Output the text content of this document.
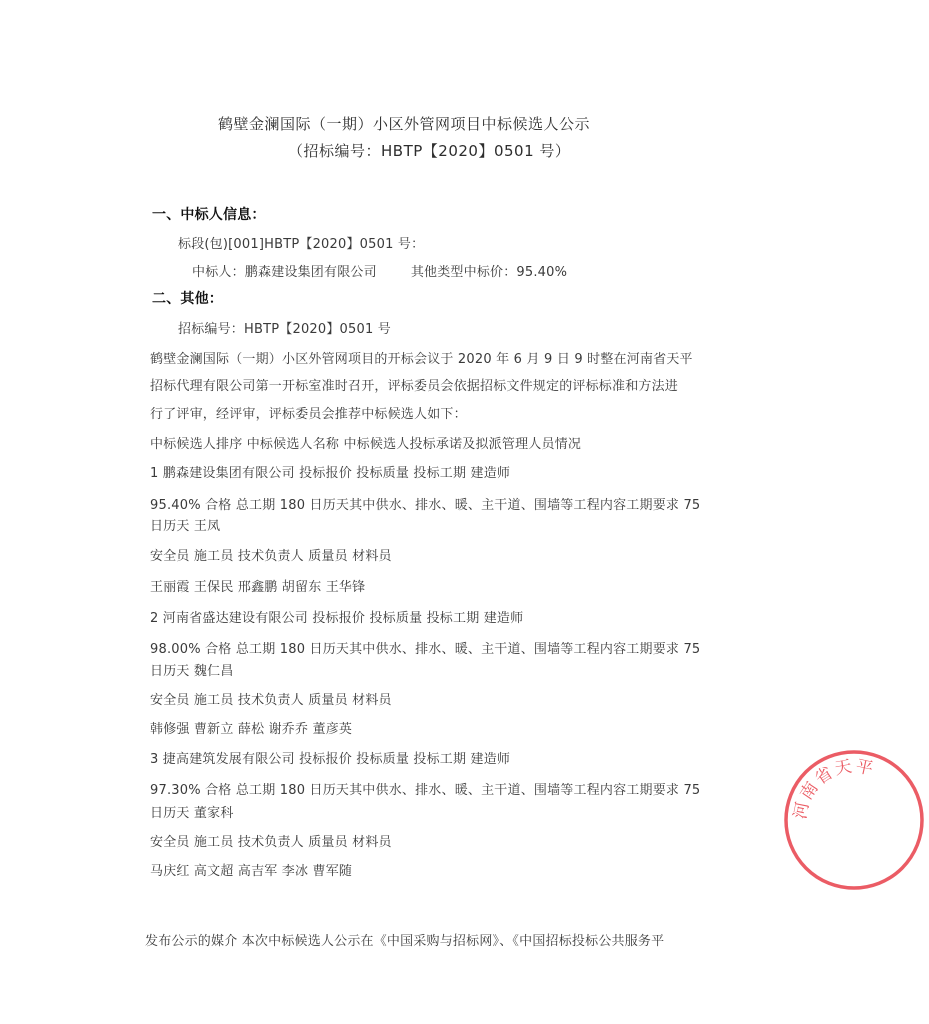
鹤壁金澜国际（一期）小区外管网项目中标候选人公示
（招标编号：HBTP【2020】0501 号）
一、中标人信息：
标段(包)[001]HBTP【2020】0501 号：
中标人：鹏森建设集团有限公司	其他类型中标价：95.40%
二、其他：
招标编号：HBTP【2020】0501 号
鹤壁金澜国际（一期）小区外管网项目的开标会议于 2020 年 6 月 9 日 9 时整在河南省天平
招标代理有限公司第一开标室准时召开，评标委员会依据招标文件规定的评标标准和方法进
行了评审，经评审，评标委员会推荐中标候选人如下：
中标候选人排序 中标候选人名称 中标候选人投标承诺及拟派管理人员情况
1 鹏森建设集团有限公司 投标报价 投标质量 投标工期 建造师
95.40% 合格 总工期 180 日历天其中供水、排水、暖、主干道、围墙等工程内容工期要求 75
日历天 王凤
安全员 施工员 技术负责人 质量员 材料员
王丽霞 王保民 邢鑫鹏 胡留东 王华锋
2 河南省盛达建设有限公司 投标报价 投标质量 投标工期 建造师
98.00% 合格 总工期 180 日历天其中供水、排水、暖、主干道、围墙等工程内容工期要求 75
日历天 魏仁昌
安全员 施工员 技术负责人 质量员 材料员
韩修强 曹新立 薛松 谢乔乔 董彦英
3 捷高建筑发展有限公司 投标报价 投标质量 投标工期 建造师
97.30% 合格 总工期 180 日历天其中供水、排水、暖、主干道、围墙等工程内容工期要求 75
日历天 董家科
安全员 施工员 技术负责人 质量员 材料员
马庆红 高文超 高吉军 李冰 曹军随
发布公示的媒介 本次中标候选人公示在《中国采购与招标网》、《中国招标投标公共服务平
河南省天平
